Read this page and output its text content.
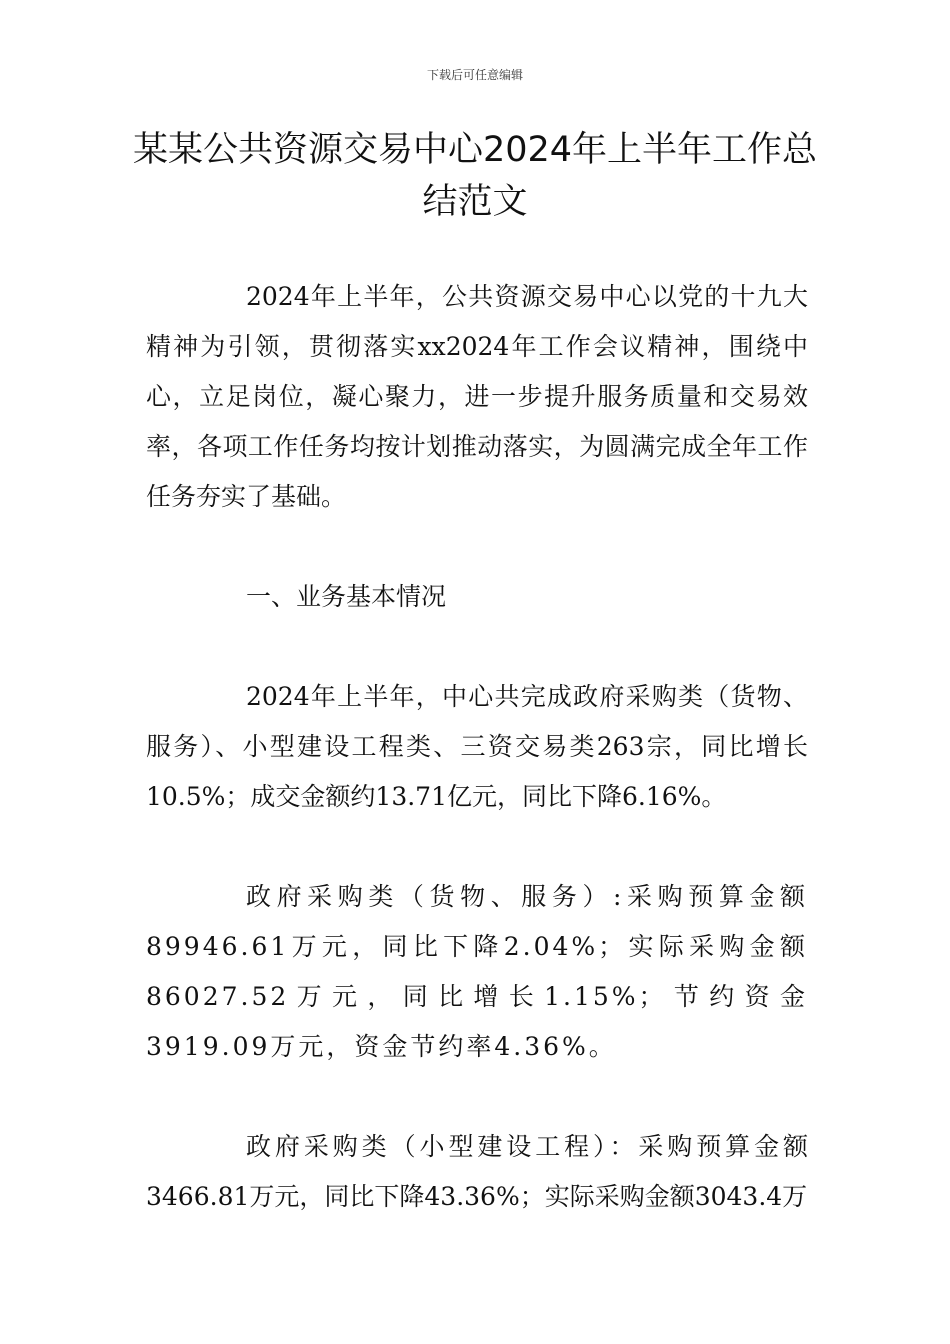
下载后可任意编辑
某某公共资源交易中心2024年上半年工作总结范文

2024年上半年，公共资源交易中心以党的十九大精神为引领，贯彻落实xx2024年工作会议精神，围绕中心，立足岗位，凝心聚力，进一步提升服务质量和交易效率，各项工作任务均按计划推动落实，为圆满完成全年工作任务夯实了基础。

一、业务基本情况

2024年上半年，中心共完成政府采购类（货物、服务）、小型建设工程类、三资交易类263宗，同比增长10.5%；成交金额约13.71亿元，同比下降6.16%。

政府采购类（货物、服务）:采购预算金额89946.61万元，同比下降2.04%；实际采购金额86027.52万元，同比增长1.15%；节约资金3919.09万元，资金节约率4.36%。

政府采购类（小型建设工程）：采购预算金额3466.81万元，同比下降43.36%；实际采购金额3043.4万
